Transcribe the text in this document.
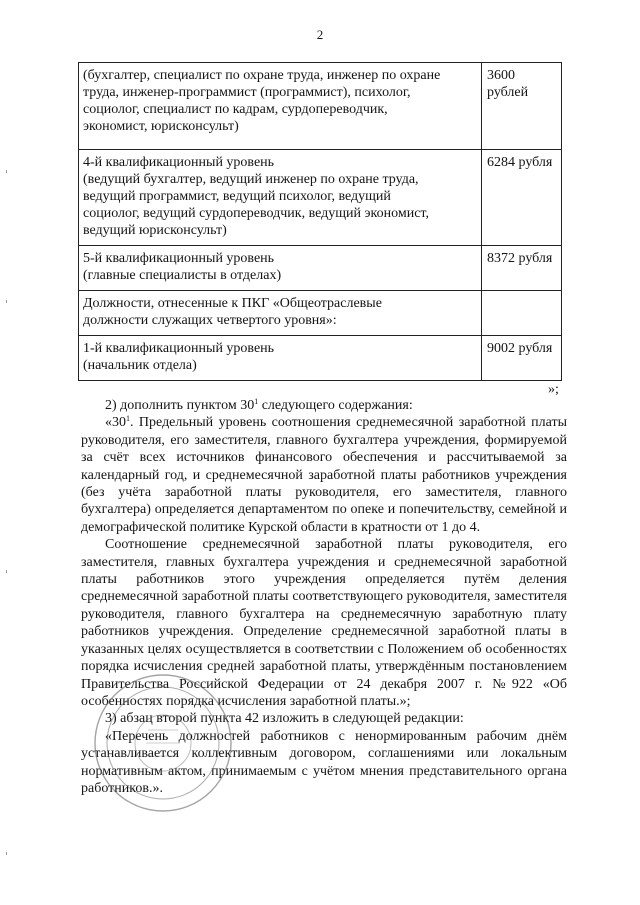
2
(бухгалтер, специалист по охране труда, инженер по охране
труда, инженер-программист (программист), психолог,
социолог, специалист по кадрам, сурдопереводчик,
экономист, юрисконсульт)	3600
рублей

4-й квалификационный уровень
(ведущий бухгалтер, ведущий инженер по охране труда,
ведущий программист, ведущий психолог, ведущий
социолог, ведущий сурдопереводчик, ведущий экономист,
ведущий юрисконсульт)	6284 рубля

5-й квалификационный уровень
(главные специалисты в отделах)	8372 рубля

Должности, отнесенные к ПКГ «Общеотраслевые
должности служащих четвертого уровня»:	

1-й квалификационный уровень
(начальник отдела)	9002 рубля
»;

2) дополнить пунктом $30^1$ следующего содержания:

«$30^1$. Предельный уровень соотношения среднемесячной заработной платы руководителя, его заместителя, главного бухгалтера учреждения, формируемой за счёт всех источников финансового обеспечения и рассчитываемой за календарный год, и среднемесячной заработной платы работников учреждения (без учёта заработной платы руководителя, его заместителя, главного бухгалтера) определяется департаментом по опеке и попечительству, семейной и демографической политике Курской области в кратности от 1 до 4.

Соотношение среднемесячной заработной платы руководителя, его заместителя, главных бухгалтера учреждения и среднемесячной заработной платы работников этого учреждения определяется путём деления среднемесячной заработной платы соответствующего руководителя, заместителя руководителя, главного бухгалтера на среднемесячную заработную плату работников учреждения. Определение среднемесячной заработной платы в указанных целях осуществляется в соответствии с Положением об особенностях порядка исчисления средней заработной платы, утверждённым постановлением Правительства Российской Федерации от 24 декабря 2007 г. №922 «Об особенностях порядка исчисления заработной платы.»;

3) абзац второй пункта 42 изложить в следующей редакции:

«Перечень должностей работников с ненормированным рабочим днём устанавливается коллективным договором, соглашениями или локальным нормативным актом, принимаемым с учётом мнения представительного органа работников.».
